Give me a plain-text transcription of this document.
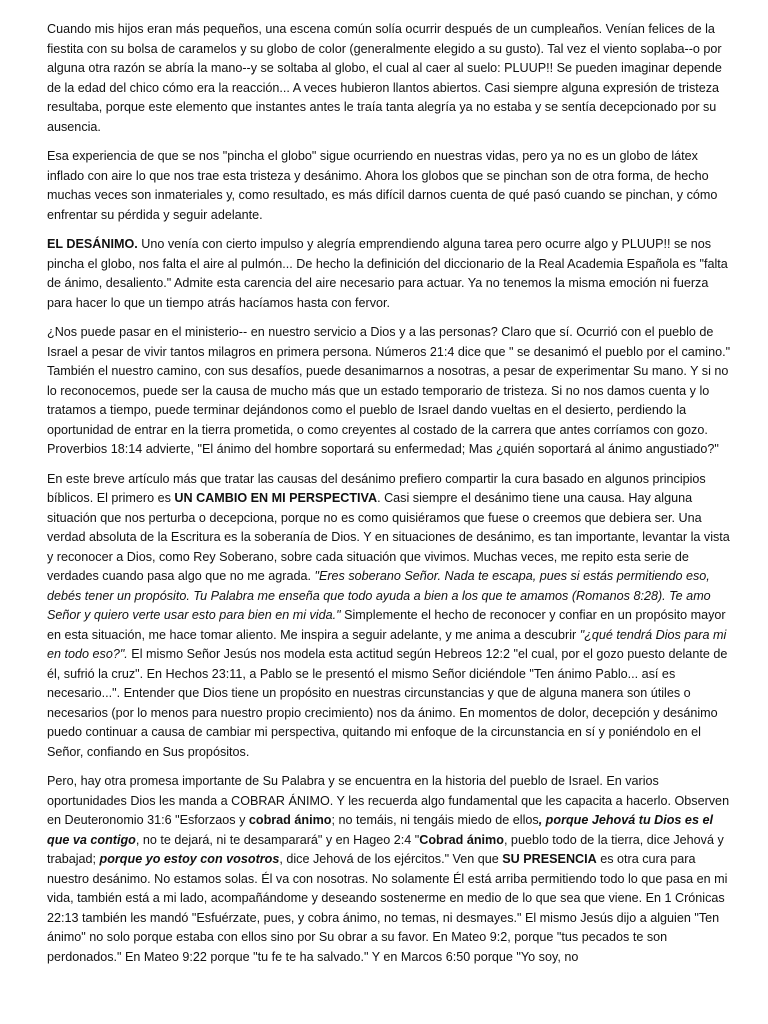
Cuando mis hijos eran más pequeños, una escena común solía ocurrir después de un cumpleaños. Venían felices de la fiestita con su bolsa de caramelos y su globo de color (generalmente elegido a su gusto). Tal vez el viento soplaba--o por alguna otra razón se abría la mano--y se soltaba al globo, el cual al caer al suelo: PLUUP!! Se pueden imaginar depende de la edad del chico cómo era la reacción... A veces hubieron llantos abiertos. Casi siempre alguna expresión de tristeza resultaba, porque este elemento que instantes antes le traía tanta alegría ya no estaba y se sentía decepcionado por su ausencia.

Esa experiencia de que se nos "pincha el globo" sigue ocurriendo en nuestras vidas, pero ya no es un globo de látex inflado con aire lo que nos trae esta tristeza y desánimo. Ahora los globos que se pinchan son de otra forma, de hecho muchas veces son inmateriales y, como resultado, es más difícil darnos cuenta de qué pasó cuando se pinchan, y cómo enfrentar su pérdida y seguir adelante.

EL DESÁNIMO. Uno venía con cierto impulso y alegría emprendiendo alguna tarea pero ocurre algo y PLUUP!! se nos pincha el globo, nos falta el aire al pulmón... De hecho la definición del diccionario de la Real Academia Española es "falta de ánimo, desaliento." Admite esta carencia del aire necesario para actuar. Ya no tenemos la misma emoción ni fuerza para hacer lo que un tiempo atrás hacíamos hasta con fervor.

¿Nos puede pasar en el ministerio-- en nuestro servicio a Dios y a las personas? Claro que sí. Ocurrió con el pueblo de Israel a pesar de vivir tantos milagros en primera persona. Números 21:4 dice que " se desanimó el pueblo por el camino." También el nuestro camino, con sus desafíos, puede desanimarnos a nosotras, a pesar de experimentar Su mano. Y si no lo reconocemos, puede ser la causa de mucho más que un estado temporario de tristeza. Si no nos damos cuenta y lo tratamos a tiempo, puede terminar dejándonos como el pueblo de Israel dando vueltas en el desierto, perdiendo la oportunidad de entrar en la tierra prometida, o como creyentes al costado de la carrera que antes corríamos con gozo. Proverbios 18:14 advierte, "El ánimo del hombre soportará su enfermedad; Mas ¿quién soportará al ánimo angustiado?"

En este breve artículo más que tratar las causas del desánimo prefiero compartir la cura basado en algunos principios bíblicos. El primero es UN CAMBIO EN MI PERSPECTIVA. Casi siempre el desánimo tiene una causa. Hay alguna situación que nos perturba o decepciona, porque no es como quisiéramos que fuese o creemos que debiera ser. Una verdad absoluta de la Escritura es la soberanía de Dios. Y en situaciones de desánimo, es tan importante, levantar la vista y reconocer a Dios, como Rey Soberano, sobre cada situación que vivimos. Muchas veces, me repito esta serie de verdades cuando pasa algo que no me agrada. "Eres soberano Señor. Nada te escapa, pues si estás permitiendo eso, debés tener un propósito. Tu Palabra me enseña que todo ayuda a bien a los que te amamos (Romanos 8:28). Te amo Señor y quiero verte usar esto para bien en mi vida." Simplemente el hecho de reconocer y confiar en un propósito mayor en esta situación, me hace tomar aliento. Me inspira a seguir adelante, y me anima a descubrir "¿qué tendrá Dios para mi en todo eso?". El mismo Señor Jesús nos modela esta actitud según Hebreos 12:2 "el cual, por el gozo puesto delante de él, sufrió la cruz". En Hechos 23:11, a Pablo se le presentó el mismo Señor diciéndole "Ten ánimo Pablo... así es necesario...". Entender que Dios tiene un propósito en nuestras circunstancias y que de alguna manera son útiles o necesarios (por lo menos para nuestro propio crecimiento) nos da ánimo. En momentos de dolor, decepción y desánimo puedo continuar a causa de cambiar mi perspectiva, quitando mi enfoque de la circunstancia en sí y poniéndolo en el Señor, confiando en Sus propósitos.

Pero, hay otra promesa importante de Su Palabra y se encuentra en la historia del pueblo de Israel. En varios oportunidades Dios les manda a COBRAR ÁNIMO. Y les recuerda algo fundamental que les capacita a hacerlo. Observen en Deuteronomio 31:6 "Esforzaos y cobrad ánimo; no temáis, ni tengáis miedo de ellos, porque Jehová tu Dios es el que va contigo, no te dejará, ni te desamparará" y en Hageo 2:4 "Cobrad ánimo, pueblo todo de la tierra, dice Jehová y trabajad; porque yo estoy con vosotros, dice Jehová de los ejércitos." Ven que SU PRESENCIA es otra cura para nuestro desánimo. No estamos solas. Él va con nosotras. No solamente Él está arriba permitiendo todo lo que pasa en mi vida, también está a mi lado, acompañándome y deseando sostenerme en medio de lo que sea que viene. En 1 Crónicas 22:13 también les mandó "Esfuérzate, pues, y cobra ánimo, no temas, ni desmayes." El mismo Jesús dijo a alguien "Ten ánimo" no solo porque estaba con ellos sino por Su obrar a su favor. En Mateo 9:2, porque "tus pecados te son perdonados." En Mateo 9:22 porque "tu fe te ha salvado." Y en Marcos 6:50 porque "Yo soy, no
